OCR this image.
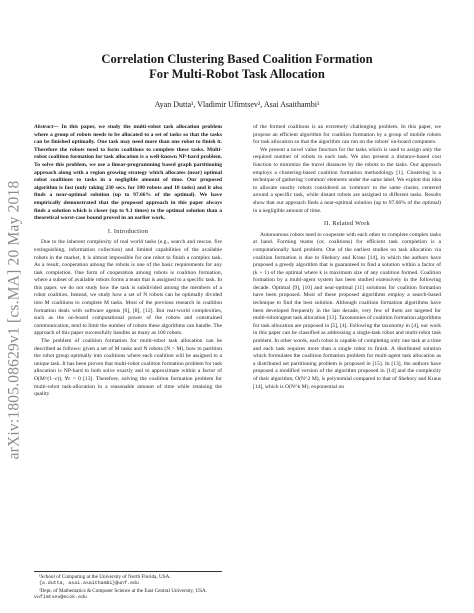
arXiv:1805.08629v1 [cs.MA] 20 May 2018
Correlation Clustering Based Coalition Formation
For Multi-Robot Task Allocation
Ayan Dutta¹, Vladimir Ufimtsev², Asai Asaithambi¹

Abstract— In this paper, we study the multi-robot task allocation problem where a group of robots needs to be allocated to a set of tasks so that the tasks can be finished optimally. One task may need more than one robot to finish it. Therefore the robots need to form coalitions to complete these tasks. Multi-robot coalition formation for task allocation is a well-known NP-hard problem. To solve this problem, we use a linear-programming based graph partitioning approach along with a region growing strategy which allocates (near) optimal robot coalitions to tasks in a negligible amount of time. Our proposed algorithm is fast (only taking 230 secs. for 100 robots and 10 tasks) and it also finds a near-optimal solution (up to 97.66% of the optimal). We have empirically demonstrated that the proposed approach in this paper always finds a solution which is closer (up to 9.1 times) to the optimal solution than a theoretical worst-case bound proved in an earlier work.

I. Introduction

Due to the inherent complexity of real world tasks (e.g., search and rescue, fire extinguishing, information collection) and limited capabilities of the available robots in the market, it is almost impossible for one robot to finish a complex task. As a result, cooperation among the robots is one of the basic requirements for any task completion. One form of cooperation among robots is coalition formation, where a subset of available robots forms a team that is assigned to a specific task. In this paper, we do not study how the task is subdivided among the members of a robot coalition. Instead, we study how a set of N robots can be optimally divided into M coalitions to complete M tasks. Most of the previous research in coalition formation deals with software agents [6], [8], [12]. But real-world complexities, such as the on-board computational power of the robots and constrained communication, tend to limit the number of robots these algorithms can handle. The approach of this paper successfully handles as many as 100 robots.

The problem of coalition formation for multi-robot task allocation can be described as follows: given a set of M tasks and N robots (N > M), how to partition the robot group optimally into coalitions where each coalition will be assigned to a unique task. It has been proven that multi-robot coalition formation problem for task allocation is NP-hard to both solve exactly and to approximate within a factor of O(M^(1−ε)), ∀ε > 0 [13]. Therefore, solving the coalition formation problem for multi-robot task-allocation in a reasonable amount of time while retaining the quality

¹School of Computing at the University of North Florida, USA.
{a.dutta, asai.asaithambi}@unf.edu
²Dept. of Mathematics & Computer Science at the East Central University, USA. vufimtsev@ecok.edu

of the formed coalitions is an extremely challenging problem. In this paper, we propose an efficient algorithm for coalition formation by a group of mobile robots for task allocation so that the algorithm can run on the robots' on-board computers.

We present a novel value function for the tasks which is used to assign only the required number of robots to each task. We also present a distance-based cost function to minimize the travel distances by the robots to the tasks. Our approach employs a clustering-based coalition formation methodology [1]. Clustering is a technique of gathering 'common' elements under the same label. We exploit this idea to allocate nearby robots considered as 'common' to the same cluster, centered around a specific task, while distant robots are assigned to different tasks. Results show that our approach finds a near-optimal solution (up to 97.66% of the optimal) in a negligible amount of time.

II. Related Work

Autonomous robots need to cooperate with each other to complete complex tasks at hand. Forming teams (or, coalitions) for efficient task completion is a computationally hard problem. One of the earliest studies on task allocation via coalition formation is due to Shehory and Kraus [14], in which the authors have proposed a greedy algorithm that is guaranteed to find a solution within a factor of (k + 1) of the optimal where k is maximum size of any coalition formed. Coalition formation by a multi-agent system has been studied extensively in the following decade. Optimal [9], [10] and near-optimal [11] solutions for coalition formation have been proposed. Most of these proposed algorithms employ a search-based technique to find the best solution. Although coalition formation algorithms have been developed frequently in the last decade, very few of them are targeted for multi-robot/agent task allocation [13]. Taxonomies of coalition formation algorithms for task allocation are proposed in [5], [4]. Following the taxonomy in [4], our work in this paper can be classified as addressing a single-task robot and multi-robot task problem. In other words, each robot is capable of completing only one task at a time and each task requires more than a single robot to finish. A distributed solution which formulates the coalition formation problem for multi-agent task allocation as a distributed set partitioning problem is proposed in [15]. In [13], the authors have proposed a modified version of the algorithm proposed in [14] and the complexity of their algorithm, O(N^2 M), is polynomial compared to that of Shehory and Kraus [14], which is O(N^k M), exponential on
